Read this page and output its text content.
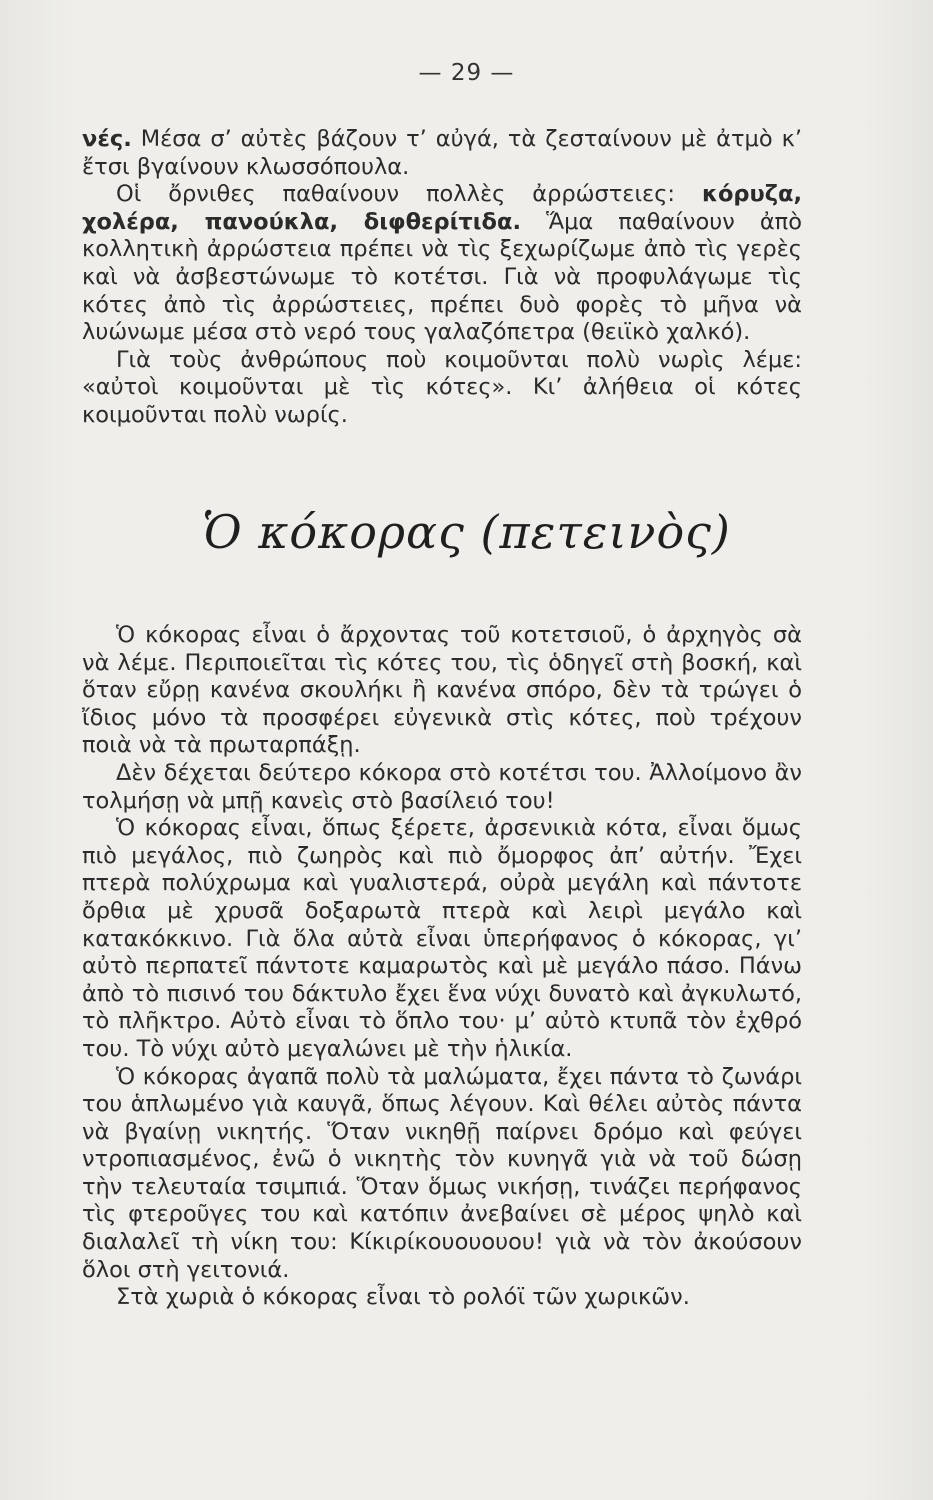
— 29 —

νές. Μέσα σ’ αὐτὲς βάζουν τ’ αὐγά, τὰ ζεσταίνουν μὲ ἀτμὸ κ’ ἔτσι βγαίνουν κλωσσόπουλα.

Οἱ ὄρνιθες παθαίνουν πολλὲς ἀρρώστειες: κόρυζα, χολέρα, πανούκλα, διφθερίτιδα. Ἅμα παθαίνουν ἀπὸ κολλητικὴ ἀρρώστεια πρέπει νὰ τὶς ξεχωρίζωμε ἀπὸ τὶς γερὲς καὶ νὰ ἀσβεστώνωμε τὸ κοτέτσι. Γιὰ νὰ προφυλάγωμε τὶς κότες ἀπὸ τὶς ἀρρώστειες, πρέπει δυὸ φορὲς τὸ μῆνα νὰ λυώνωμε μέσα στὸ νερό τους γαλαζόπετρα (θειϊκὸ χαλκό).

Γιὰ τοὺς ἀνθρώπους ποὺ κοιμοῦνται πολὺ νωρὶς λέμε: «αὐτοὶ κοιμοῦνται μὲ τὶς κότες». Κι’ ἀλήθεια οἱ κότες κοιμοῦνται πολὺ νωρίς.

Ὁ κόκορας (πετεινὸς)

Ὁ κόκορας εἶναι ὁ ἄρχοντας τοῦ κοτετσιοῦ, ὁ ἀρχηγὸς σὰ νὰ λέμε. Περιποιεῖται τὶς κότες του, τὶς ὁδηγεῖ στὴ βοσκή, καὶ ὅταν εὔρῃ κανένα σκουλήκι ἢ κανένα σπόρο, δὲν τὰ τρώγει ὁ ἴδιος μόνο τὰ προσφέρει εὐγενικὰ στὶς κότες, ποὺ τρέχουν ποιὰ νὰ τὰ πρωταρπάξῃ.

Δὲν δέχεται δεύτερο κόκορα στὸ κοτέτσι του. Ἀλλοίμονο ἂν τολμήσῃ νὰ μπῇ κανεὶς στὸ βασίλειό του!

Ὁ κόκορας εἶναι, ὅπως ξέρετε, ἀρσενικιὰ κότα, εἶναι ὅμως πιὸ μεγάλος, πιὸ ζωηρὸς καὶ πιὸ ὄμορφος ἀπ’ αὐτήν. Ἔχει πτερὰ πολύχρωμα καὶ γυαλιστερά, οὐρὰ μεγάλη καὶ πάντοτε ὄρθια μὲ χρυσᾶ δοξαρωτὰ πτερὰ καὶ λειρὶ μεγάλο καὶ κατακόκκινο. Γιὰ ὅλα αὐτὰ εἶναι ὑπερήφανος ὁ κόκορας, γι’ αὐτὸ περπατεῖ πάντοτε καμαρωτὸς καὶ μὲ μεγάλο πάσο. Πάνω ἀπὸ τὸ πισινό του δάκτυλο ἔχει ἕνα νύχι δυνατὸ καὶ ἀγκυλωτό, τὸ πλῆκτρο. Αὐτὸ εἶναι τὸ ὅπλο του· μ’ αὐτὸ κτυπᾶ τὸν ἐχθρό του. Τὸ νύχι αὐτὸ μεγαλώνει μὲ τὴν ἡλικία.

Ὁ κόκορας ἀγαπᾶ πολὺ τὰ μαλώματα, ἔχει πάντα τὸ ζωνάρι του ἁπλωμένο γιὰ καυγᾶ, ὅπως λέγουν. Καὶ θέλει αὐτὸς πάντα νὰ βγαίνῃ νικητής. Ὅταν νικηθῇ παίρνει δρόμο καὶ φεύγει ντροπιασμένος, ἐνῶ ὁ νικητὴς τὸν κυνηγᾶ γιὰ νὰ τοῦ δώσῃ τὴν τελευταία τσιμπιά. Ὅταν ὅμως νικήσῃ, τινάζει περήφανος τὶς φτεροῦγες του καὶ κατόπιν ἀνεβαίνει σὲ μέρος ψηλὸ καὶ διαλαλεῖ τὴ νίκη του: Κίκιρίκουουουου! γιὰ νὰ τὸν ἀκούσουν ὅλοι στὴ γειτονιά.

Στὰ χωριὰ ὁ κόκορας εἶναι τὸ ρολόϊ τῶν χωρικῶν.
